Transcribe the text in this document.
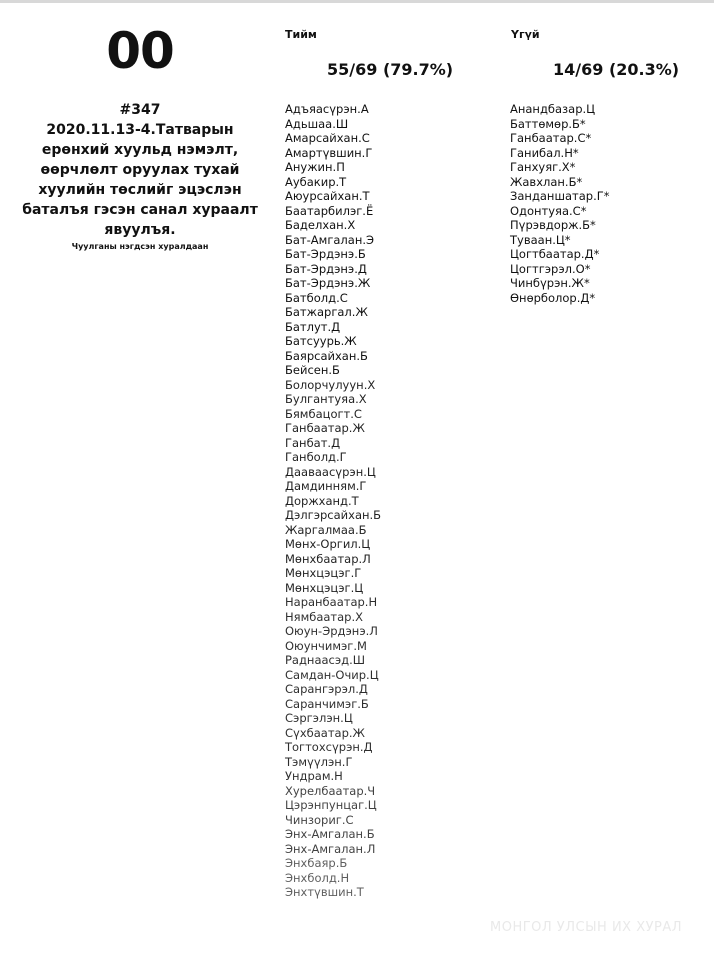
00
#347
2020.11.13-4.Татварын
ерөнхий хуульд нэмэлт,
өөрчлөлт оруулах тухай
хуулийн төслийг эцэслэн
баталъя гэсэн санал хураалт
явуулъя.
Чуулганы нэгдсэн хуралдаан
Тийм
55/69 (79.7%)
Адъяасүрэн.А
Адьшаа.Ш
Амарсайхан.С
Амартүвшин.Г
Анужин.П
Аубакир.Т
Аюурсайхан.Т
Баатарбилэг.Ё
Баделхан.Х
Бат-Амгалан.Э
Бат-Эрдэнэ.Б
Бат-Эрдэнэ.Д
Бат-Эрдэнэ.Ж
Батболд.С
Батжаргал.Ж
Батлут.Д
Батсуурь.Ж
Баярсайхан.Б
Бейсен.Б
Болорчулуун.Х
Булгантуяа.Х
Бямбацогт.С
Ганбаатар.Ж
Ганбат.Д
Ганболд.Г
Дааваасүрэн.Ц
Дамдинням.Г
Доржханд.Т
Дэлгэрсайхан.Б
Жаргалмаа.Б
Мөнх-Оргил.Ц
Мөнхбаатар.Л
Мөнхцэцэг.Г
Мөнхцэцэг.Ц
Наранбаатар.Н
Нямбаатар.Х
Оюун-Эрдэнэ.Л
Оюунчимэг.М
Раднаасэд.Ш
Самдан-Очир.Ц
Сарангэрэл.Д
Саранчимэг.Б
Сэргэлэн.Ц
Сүхбаатар.Ж
Тогтохсүрэн.Д
Тэмүүлэн.Г
Ундрам.Н
Хурелбаатар.Ч
Цэрэнпунцаг.Ц
Чинзориг.С
Энх-Амгалан.Б
Энх-Амгалан.Л
Энхбаяр.Б
Энхболд.Н
Энхтүвшин.Т
Үгүй
14/69 (20.3%)
Анандбазар.Ц
Баттөмөр.Б*
Ганбаатар.С*
Ганибал.Н*
Ганхуяг.Х*
Жавхлан.Б*
Занданшатар.Г*
Одонтуяа.С*
Пүрэвдорж.Б*
Туваан.Ц*
Цогтбаатар.Д*
Цогтгэрэл.О*
Чинбүрэн.Ж*
Өнөрболор.Д*
МОНГОЛ УЛСЫН ИХ ХУРАЛ
